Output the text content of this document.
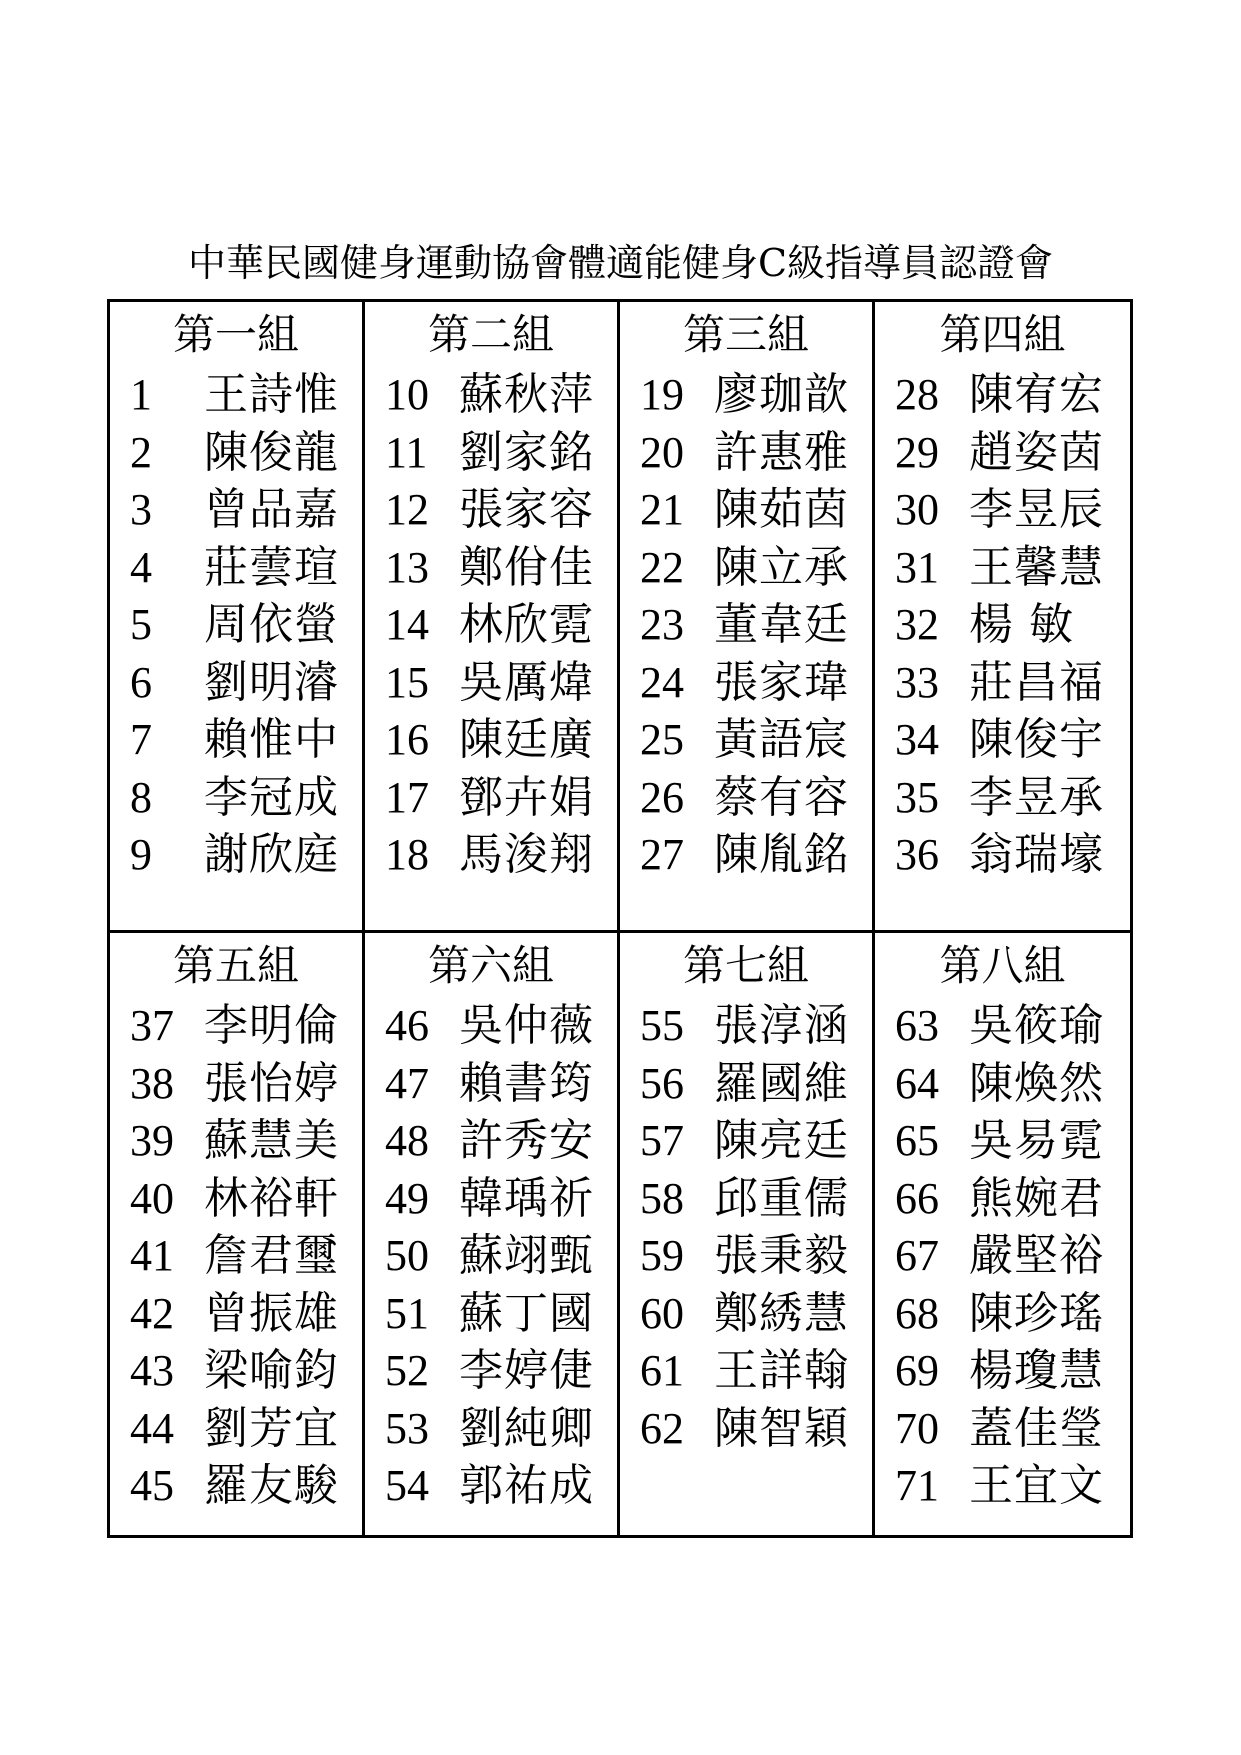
中華民國健身運動協會體適能健身C級指導員認證會
第一組
1	王詩惟
2	陳俊龍
3	曾品嘉
4	莊蕓瑄
5	周依螢
6	劉明濬
7	賴惟中
8	李冠成
9	謝欣庭
第二組
10 蘇秋萍
11 劉家銘
12 張家容
13 鄭佾佳
14 林欣霓
15 吳厲煒
16 陳廷廣
17 鄧卉娟
18 馬浚翔
第三組
19 廖珈歆
20 許惠雅
21 陳茹茵
22 陳立承
23 董韋廷
24 張家瑋
25 黃語宸
26 蔡有容
27 陳胤銘
第四組
28 陳宥宏
29 趙姿茵
30 李昱辰
31 王馨慧
32 楊 敏
33 莊昌福
34 陳俊宇
35 李昱承
36 翁瑞壕
第五組
37 李明倫
38 張怡婷
39 蘇慧美
40 林裕軒
41 詹君璽
42 曾振雄
43 梁喻鈞
44 劉芳宜
45 羅友駿
第六組
46 吳仲薇
47 賴書筠
48 許秀安
49 韓瑀祈
50 蘇翊甄
51 蘇丁國
52 李婷倢
53 劉純卿
54 郭祐成
第七組
55 張淳涵
56 羅國維
57 陳亮廷
58 邱重儒
59 張秉毅
60 鄭綉慧
61 王詳翰
62 陳智穎
第八組
63 吳筱瑜
64 陳煥然
65 吳易霓
66 熊婉君
67 嚴堅裕
68 陳珍瑤
69 楊瓊慧
70 蓋佳瑩
71 王宜文
